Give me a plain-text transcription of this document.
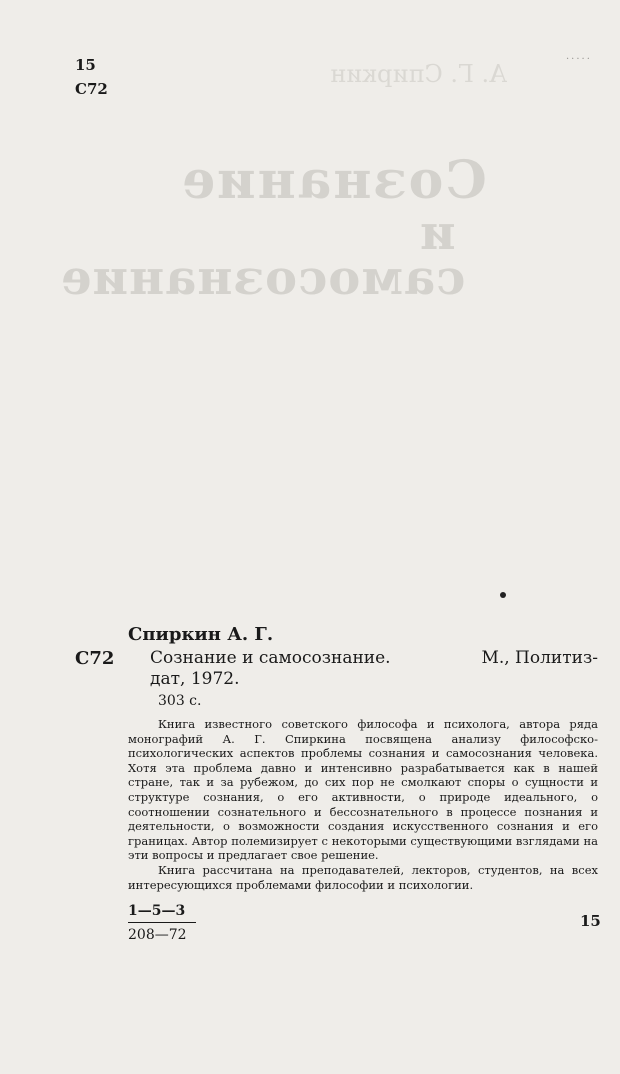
15
С72
·····
А. Г. Спиркин
Сознание
и
самосознание
Спиркин А. Г.
С72 Сознание и самосознание.	М., Политиз-
дат, 1972.
303 с.

Книга известного советского философа и психолога, автора ряда монографий А. Г. Спиркина посвящена анализу философско-психологических аспектов проблемы сознания и самосознания человека. Хотя эта проблема давно и интенсивно разрабатывается как в нашей стране, так и за рубежом, до сих пор не смолкают споры о сущности и структуре сознания, о его активности, о природе идеального, о соотношении сознательного и бессознательного в процессе познания и деятельности, о возможности создания искусственного сознания и его границах. Автор полемизирует с некоторыми существующими взглядами на эти вопросы и предлагает свое решение.

Книга рассчитана на преподавателей, лекторов, студентов, на всех интересующихся проблемами философии и психологии.

$\frac{1—5—3}{208—72}$	15
